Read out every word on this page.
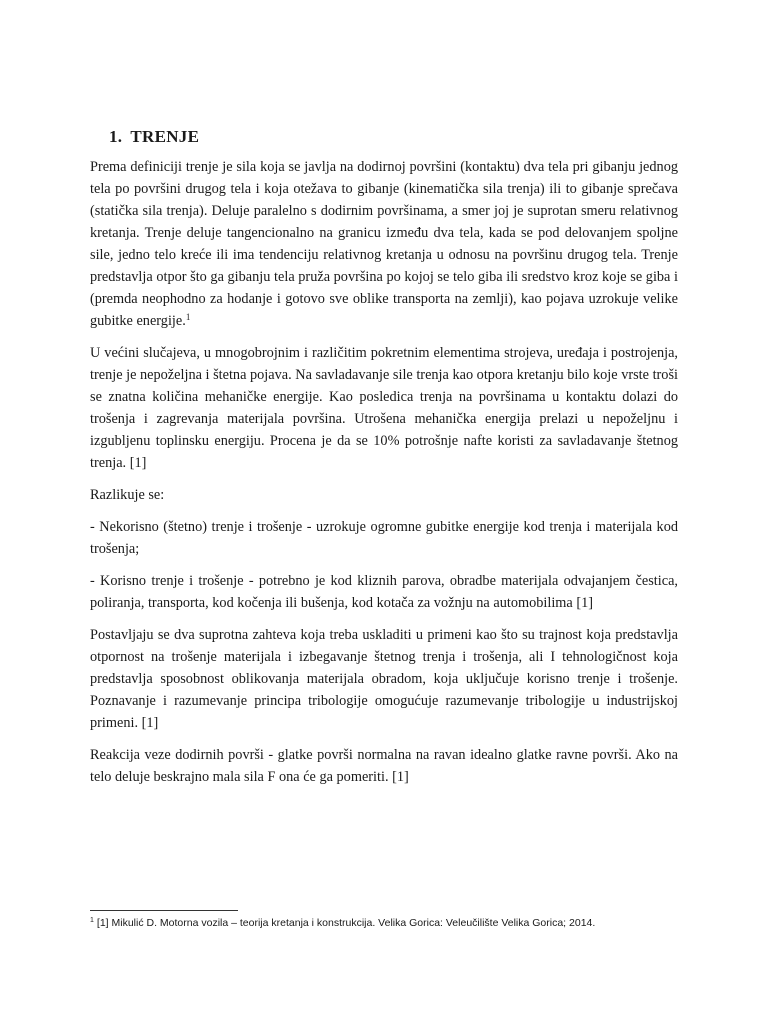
1. TRENJE

Prema definiciji trenje je sila koja se javlja na dodirnoj površini (kontaktu) dva tela pri gibanju jednog tela po površini drugog tela i koja otežava to gibanje (kinematička sila trenja) ili to gibanje sprečava (statička sila trenja). Deluje paralelno s dodirnim površinama, a smer joj je suprotan smeru relativnog kretanja. Trenje deluje tangencionalno na granicu između dva tela, kada se pod delovanjem spoljne sile, jedno telo kreće ili ima tendenciju relativnog kretanja u odnosu na površinu drugog tela. Trenje predstavlja otpor što ga gibanju tela pruža površina po kojoj se telo giba ili sredstvo kroz koje se giba i (premda neophodno za hodanje i gotovo sve oblike transporta na zemlji), kao pojava uzrokuje velike gubitke energije.$^1$

U većini slučajeva, u mnogobrojnim i različitim pokretnim elementima strojeva, uređaja i postrojenja, trenje je nepoželjna i štetna pojava. Na savladavanje sile trenja kao otpora kretanju bilo koje vrste troši se znatna količina mehaničke energije. Kao posledica trenja na površinama u kontaktu dolazi do trošenja i zagrevanja materijala površina. Utrošena mehanička energija prelazi u nepoželjnu i izgubljenu toplinsku energiju. Procena je da se 10% potrošnje nafte koristi za savladavanje štetnog trenja. [1]

Razlikuje se:

- Nekorisno (štetno) trenje i trošenje - uzrokuje ogromne gubitke energije kod trenja i materijala kod trošenja;

- Korisno trenje i trošenje - potrebno je kod kliznih parova, obradbe materijala odvajanjem čestica, poliranja, transporta, kod kočenja ili bušenja, kod kotača za vožnju na automobilima [1]

Postavljaju se dva suprotna zahteva koja treba uskladiti u primeni kao što su trajnost koja predstavlja otpornost na trošenje materijala i izbegavanje štetnog trenja i trošenja, ali I tehnologičnost koja predstavlja sposobnost oblikovanja materijala obradom, koja uključuje korisno trenje i trošenje. Poznavanje i razumevanje principa tribologije omogućuje razumevanje tribologije u industrijskoj primeni. [1]

Reakcija veze dodirnih površi - glatke površi normalna na ravan idealno glatke ravne površi. Ako na telo deluje beskrajno mala sila F ona će ga pomeriti. [1]

$^1$ [1] Mikulić D. Motorna vozila – teorija kretanja i konstrukcija. Velika Gorica: Veleučilište Velika Gorica; 2014.
